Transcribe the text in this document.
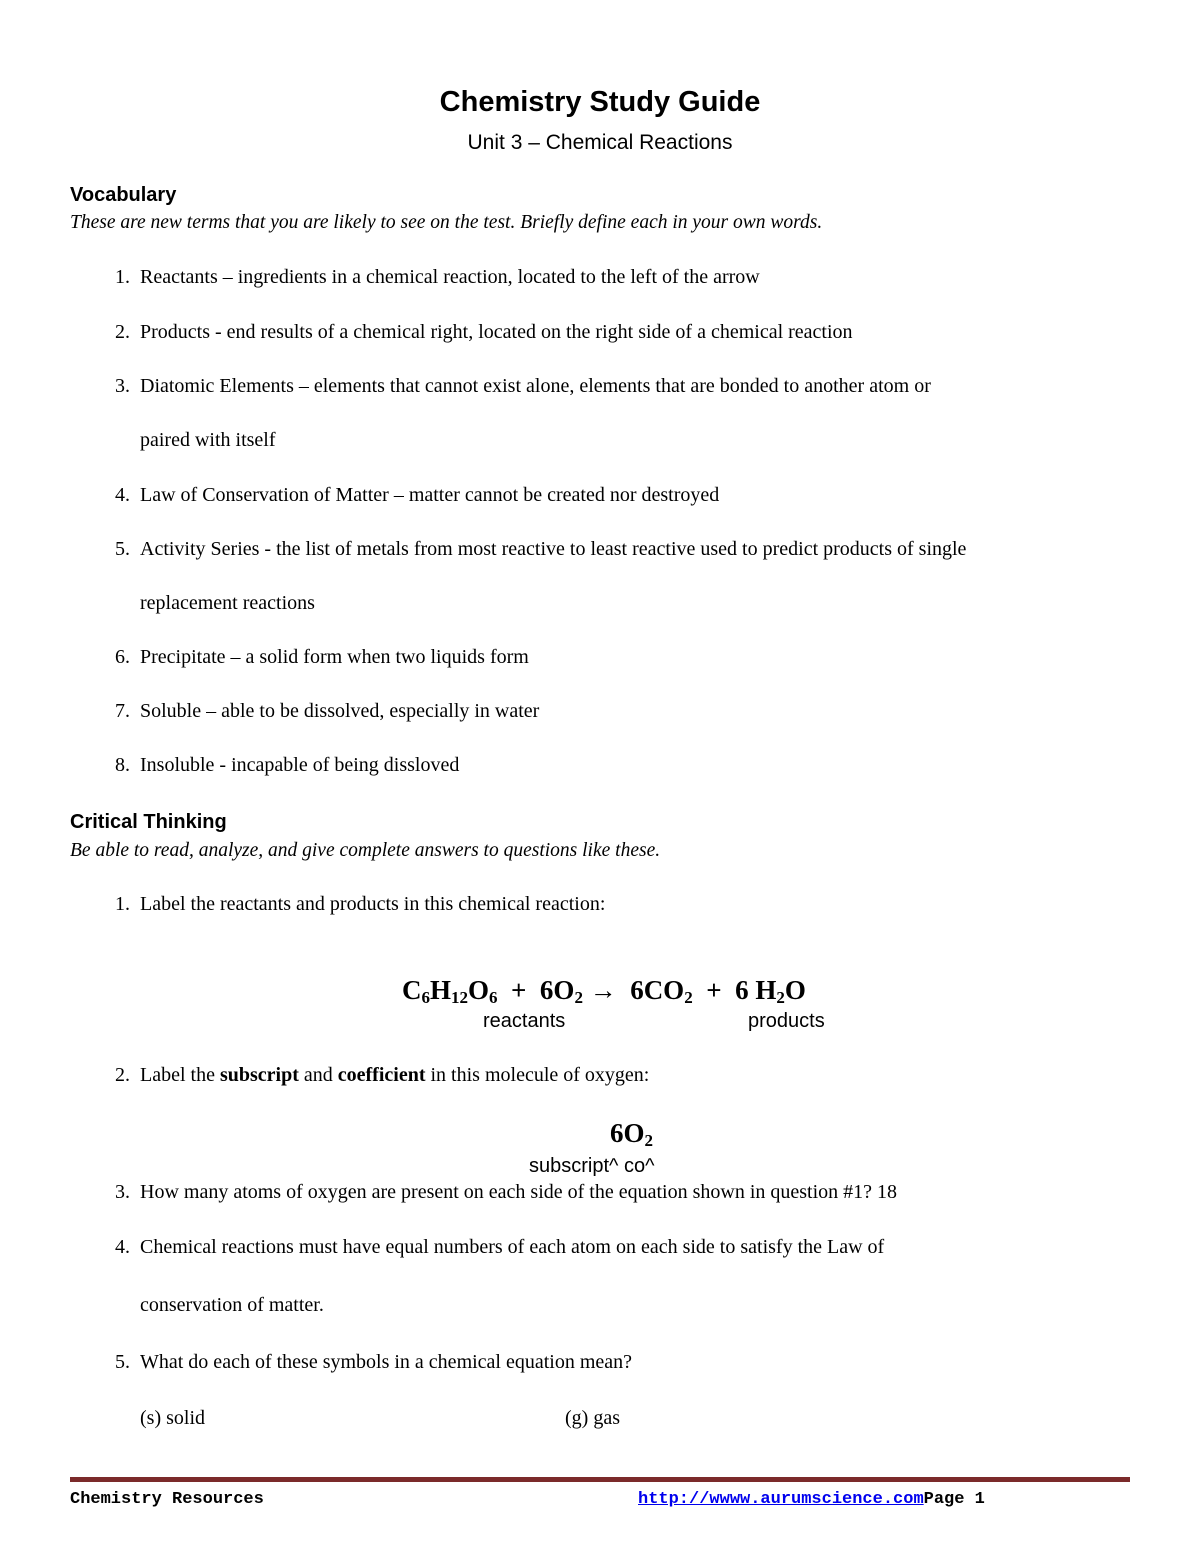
Chemistry Study Guide
Unit 3 – Chemical Reactions
Vocabulary
These are new terms that you are likely to see on the test. Briefly define each in your own words.
1. Reactants – ingredients in a chemical reaction, located to the left of the arrow
2. Products - end results of a chemical right, located on the right side of a chemical reaction
3. Diatomic Elements – elements that cannot exist alone, elements that are bonded to another atom or
paired with itself
4. Law of Conservation of Matter – matter cannot be created nor destroyed
5. Activity Series - the list of metals from most reactive to least reactive used to predict products of single
replacement reactions
6. Precipitate – a solid form when two liquids form
7. Soluble – able to be dissolved, especially in water
8. Insoluble - incapable of being dissloved
Critical Thinking
Be able to read, analyze, and give complete answers to questions like these.
1. Label the reactants and products in this chemical reaction:
$C_6H_{12}O_6 + 6O_2 \to 6CO_2 + 6$ $H_2O$
reactants	products
2. Label the subscript and coefficient in this molecule of oxygen:
$6O_2$
subscript^ co^
3. How many atoms of oxygen are present on each side of the equation shown in question #1? 18
4. Chemical reactions must have equal numbers of each atom on each side to satisfy the Law of
conservation of matter.
5. What do each of these symbols in a chemical equation mean?
(s) solid	(g) gas
Chemistry Resources	http://wwww.aurumscience.comPage 1
